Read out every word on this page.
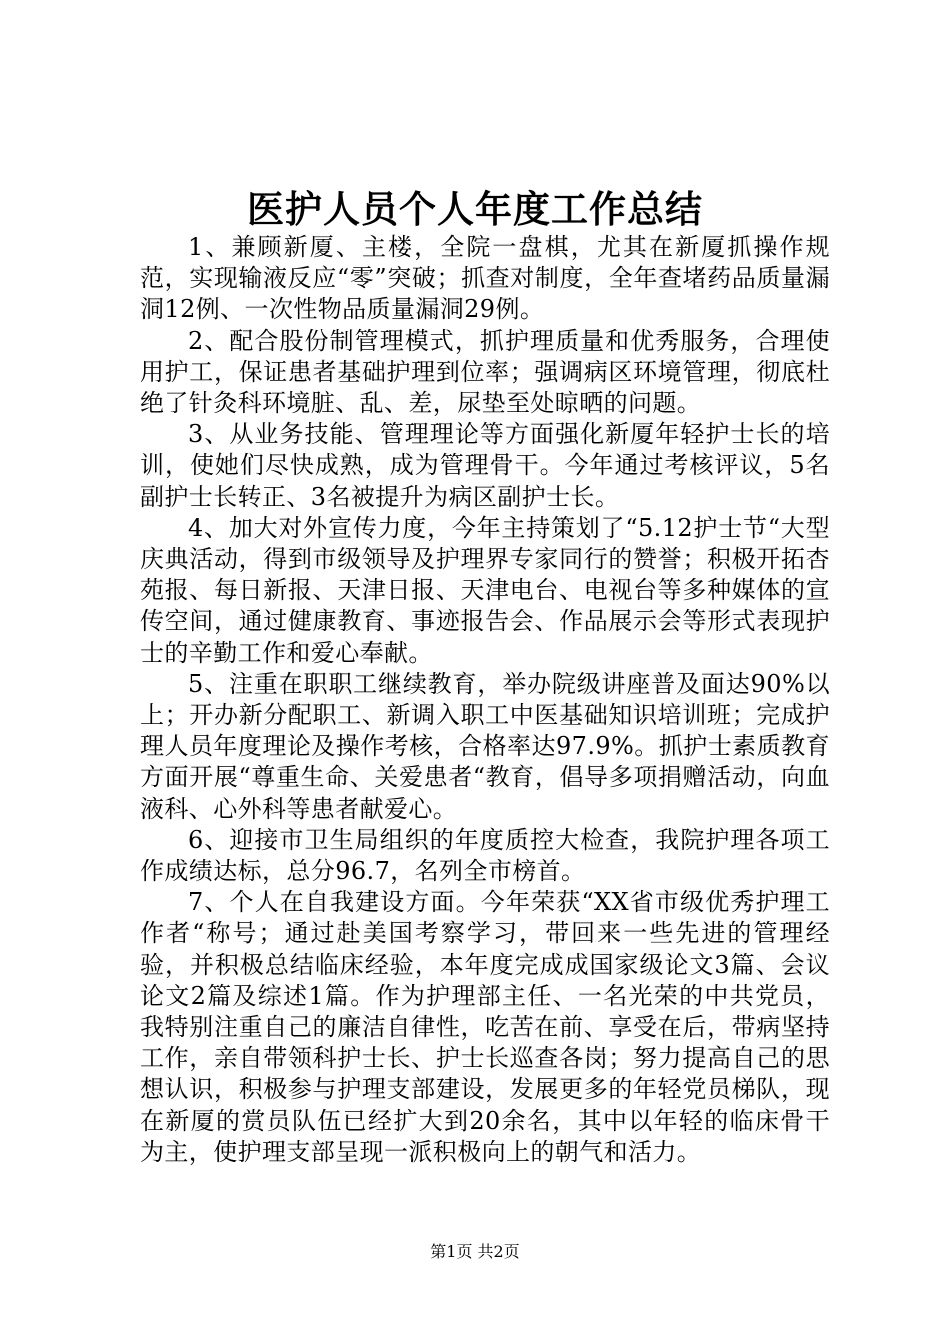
医护人员个人年度工作总结

1、兼顾新厦、主楼，全院一盘棋，尤其在新厦抓操作规范，实现输液反应“零”突破；抓查对制度，全年查堵药品质量漏洞12例、一次性物品质量漏洞29例。

2、配合股份制管理模式，抓护理质量和优秀服务，合理使用护工，保证患者基础护理到位率；强调病区环境管理，彻底杜绝了针灸科环境脏、乱、差，尿垫至处晾晒的问题。

3、从业务技能、管理理论等方面强化新厦年轻护士长的培训，使她们尽快成熟，成为管理骨干。今年通过考核评议，5名副护士长转正、3名被提升为病区副护士长。

4、加大对外宣传力度，今年主持策划了“5.12护士节“大型庆典活动，得到市级领导及护理界专家同行的赞誉；积极开拓杏苑报、每日新报、天津日报、天津电台、电视台等多种媒体的宣传空间，通过健康教育、事迹报告会、作品展示会等形式表现护士的辛勤工作和爱心奉献。

5、注重在职职工继续教育，举办院级讲座普及面达90%以上；开办新分配职工、新调入职工中医基础知识培训班；完成护理人员年度理论及操作考核，合格率达97.9%。抓护士素质教育方面开展“尊重生命、关爱患者“教育，倡导多项捐赠活动，向血液科、心外科等患者献爱心。

6、迎接市卫生局组织的年度质控大检查，我院护理各项工作成绩达标，总分96.7，名列全市榜首。

7、个人在自我建设方面。今年荣获“XX省市级优秀护理工作者“称号；通过赴美国考察学习，带回来一些先进的管理经验，并积极总结临床经验，本年度完成成国家级论文3篇、会议论文2篇及综述1篇。作为护理部主任、一名光荣的中共党员，我特别注重自己的廉洁自律性，吃苦在前、享受在后，带病坚持工作，亲自带领科护士长、护士长巡查各岗；努力提高自己的思想认识，积极参与护理支部建设，发展更多的年轻党员梯队，现在新厦的赏员队伍已经扩大到20余名，其中以年轻的临床骨干为主，使护理支部呈现一派积极向上的朝气和活力。

第1页 共2页
